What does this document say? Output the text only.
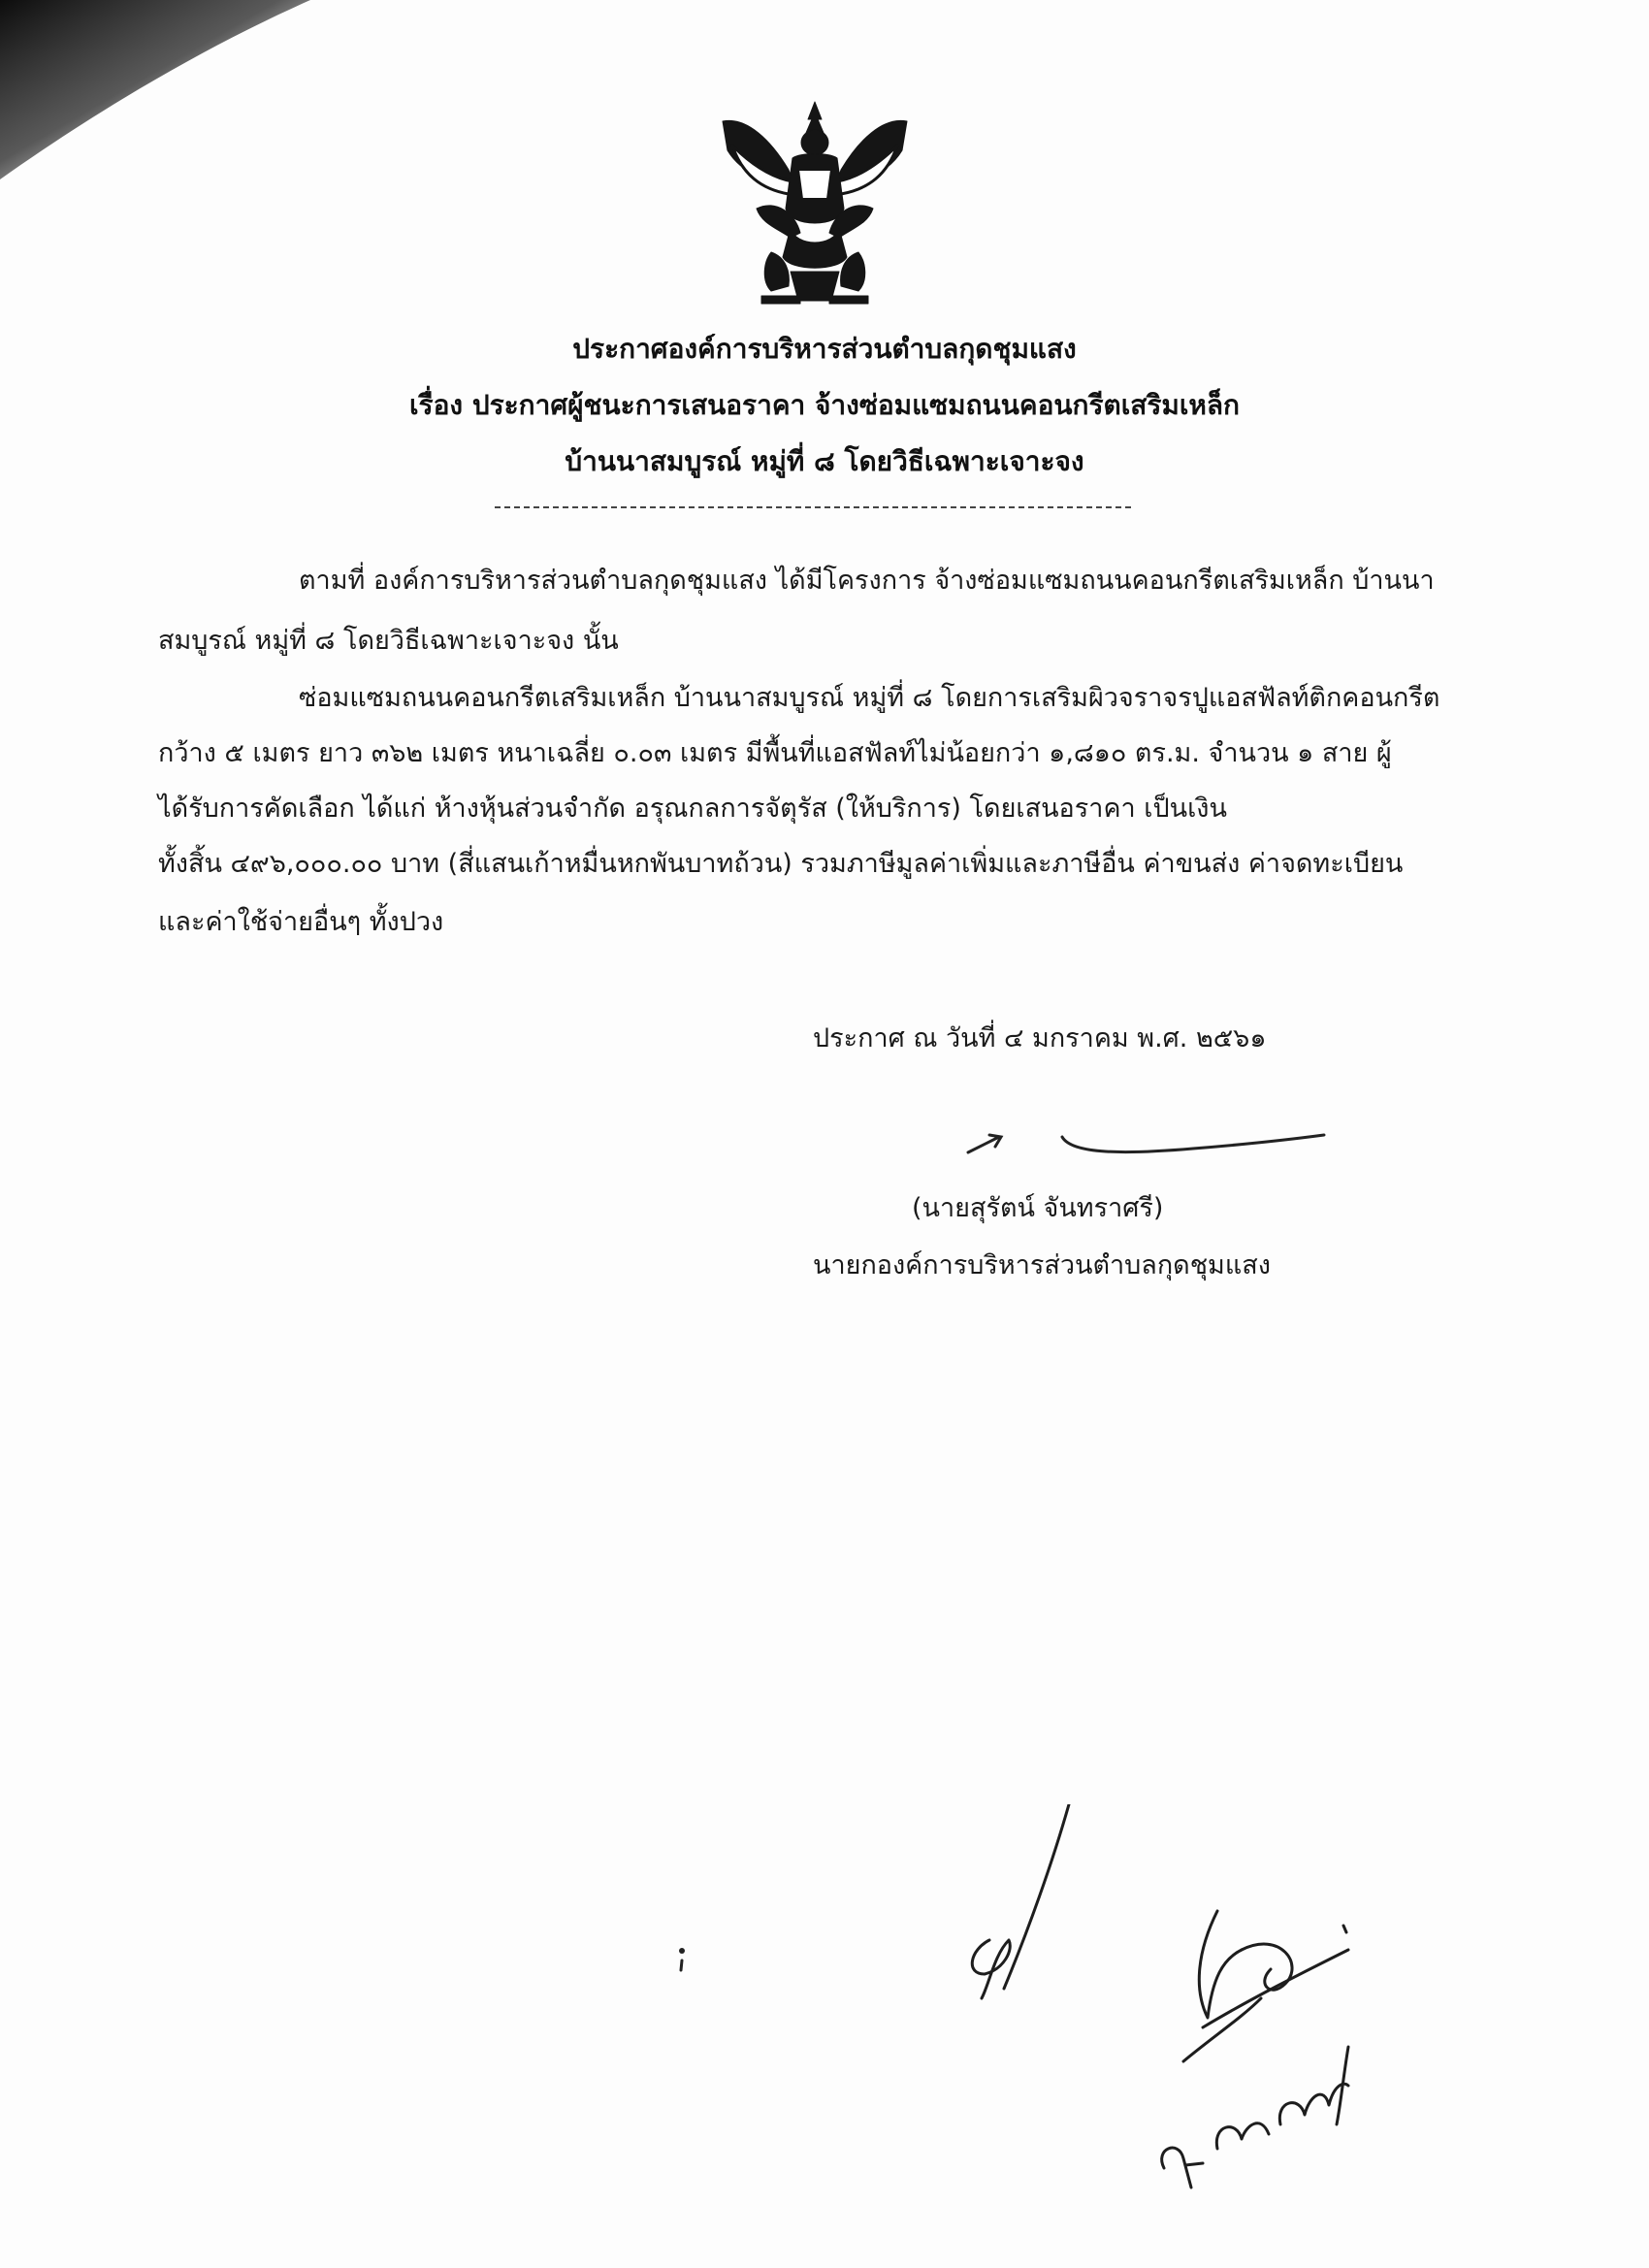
ประกาศองค์การบริหารส่วนตำบลกุดชุมแสง
เรื่อง ประกาศผู้ชนะการเสนอราคา จ้างซ่อมแซมถนนคอนกรีตเสริมเหล็ก
บ้านนาสมบูรณ์ หมู่ที่ ๘ โดยวิธีเฉพาะเจาะจง
ตามที่ องค์การบริหารส่วนตำบลกุดชุมแสง ได้มีโครงการ จ้างซ่อมแซมถนนคอนกรีตเสริมเหล็ก บ้านนา
สมบูรณ์ หมู่ที่ ๘ โดยวิธีเฉพาะเจาะจง นั้น
ซ่อมแซมถนนคอนกรีตเสริมเหล็ก บ้านนาสมบูรณ์ หมู่ที่ ๘ โดยการเสริมผิวจราจรปูแอสฟัลท์ติกคอนกรีต
กว้าง ๕ เมตร ยาว ๓๖๒ เมตร หนาเฉลี่ย ๐.๐๓ เมตร มีพื้นที่แอสฟัลท์ไม่น้อยกว่า ๑,๘๑๐ ตร.ม. จำนวน ๑ สาย ผู้
ได้รับการคัดเลือก ได้แก่ ห้างหุ้นส่วนจำกัด อรุณกลการจัตุรัส (ให้บริการ) โดยเสนอราคา เป็นเงิน
ทั้งสิ้น ๔๙๖,๐๐๐.๐๐ บาท (สี่แสนเก้าหมื่นหกพันบาทถ้วน) รวมภาษีมูลค่าเพิ่มและภาษีอื่น ค่าขนส่ง ค่าจดทะเบียน
และค่าใช้จ่ายอื่นๆ ทั้งปวง
ประกาศ ณ วันที่ ๔ มกราคม พ.ศ. ๒๕๖๑
(นายสุรัตน์ จันทราศรี)
นายกองค์การบริหารส่วนตำบลกุดชุมแสง
